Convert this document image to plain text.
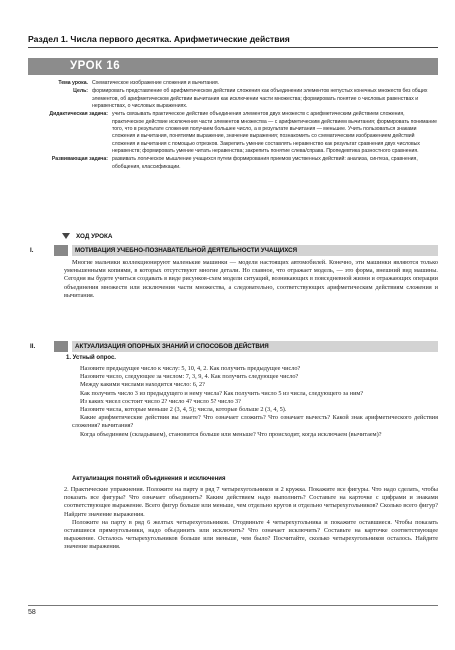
Раздел 1. Числа первого десятка. Арифметические действия
УРОК 16
Тема урока. Схематическое изображение сложения и вычитания.
Цель: формировать представление об арифметическом действии сложения как объединении элементов непустых конечных множеств без общих элементов, об арифметическом действии вычитания как исключении части множества; формировать понятие о числовых равенствах и неравенствах, о числовых выражениях.
Дидактическая задача: учить связывать практическое действие объединения элементов двух множеств с арифметическим действием сложения, практическое действие исключения части элементов множества — с арифметическим действием вычитания; формировать понимание того, что в результате сложения получаем большее число, а в результате вычитания — меньшее. Учить пользоваться знаками сложения и вычитания, понятиями выражение, значение выражения; познакомить со схематическим изображением действий сложения и вычитания с помощью отрезков. Закрепить умение составлять неравенство как результат сравнения двух числовых неравенств; формировать умение читать неравенства; закрепить понятие слева/справа. Пропедевтика разностного сравнения.
Развивающая задача: развивать логическое мышление учащихся путем формирования приемов умственных действий: анализа, синтеза, сравнения, обобщения, классификации.
ХОД УРОКА
I.	МОТИВАЦИЯ УЧЕБНО-ПОЗНАВАТЕЛЬНОЙ ДЕЯТЕЛЬНОСТИ УЧАЩИХСЯ

Многие мальчики коллекционируют маленькие машинки — модели настоящих автомобилей. Конечно, эти машинки являются только уменьшенными копиями, в которых отсутствуют многие детали. Но главное, что отражает модель, — это форма, внешний вид машины. Сегодня вы будете учиться создавать в виде рисунков-схем модели ситуаций, возникающих в повседневной жизни и отражающих операции объединения множеств или исключения части множества, а следовательно, соответствующих арифметическим действиям сложения и вычитания.

II.	АКТУАЛИЗАЦИЯ ОПОРНЫХ ЗНАНИЙ И СПОСОБОВ ДЕЙСТВИЯ
1. Устный опрос.

Назовите предыдущее число к числу: 5, 10, 4, 2. Как получить предыдущее число?

Назовите число, следующее за числом: 7, 3, 9, 4. Как получить следующее число?

Между какими числами находится число: 6, 2?

Как получить число 3 из предыдущего и нему числа? Как получить число 5 из числа, следующего за ним?

Из каких чисел состоит число 2? число 4? число 5? число 3?

Назовите числа, которые меньше 2 (3, 4, 5); числа, которые больше 2 (3, 4, 5).

Какие арифметические действия вы знаете? Что означает сложить? Что означает вычесть? Какой знак арифметического действия сложения? вычитания?

Когда объединяем (складываем), становится больше или меньше? Что происходит, когда исключаем (вычитаем)?

Актуализация понятий объединения и исключения

2. Практические упражнения. Положите на парту в ряд 7 четырехугольников и 2 кружка. Покажите все фигуры. Что надо сделать, чтобы показать все фигуры? Что означает объединить? Каким действием надо выполнить? Составьте на карточке с цифрами и знаками соответствующее выражение. Всего фигур больше или меньше, чем отдельно кругов и отдельно четырехугольников? Сколько всего фигур? Найдите значение выражения.

Положите на парту в ряд 6 желтых четырехугольников. Отодвиньте 4 четырехугольника и покажите оставшиеся. Чтобы показать оставшиеся прямоугольники, надо объединить или исключить? Что означает исключить? Составьте на карточке соответствующее выражение. Осталось четырехугольников больше или меньше, чем было? Посчитайте, сколько четырехугольников осталось. Найдите значение выражения.

58
